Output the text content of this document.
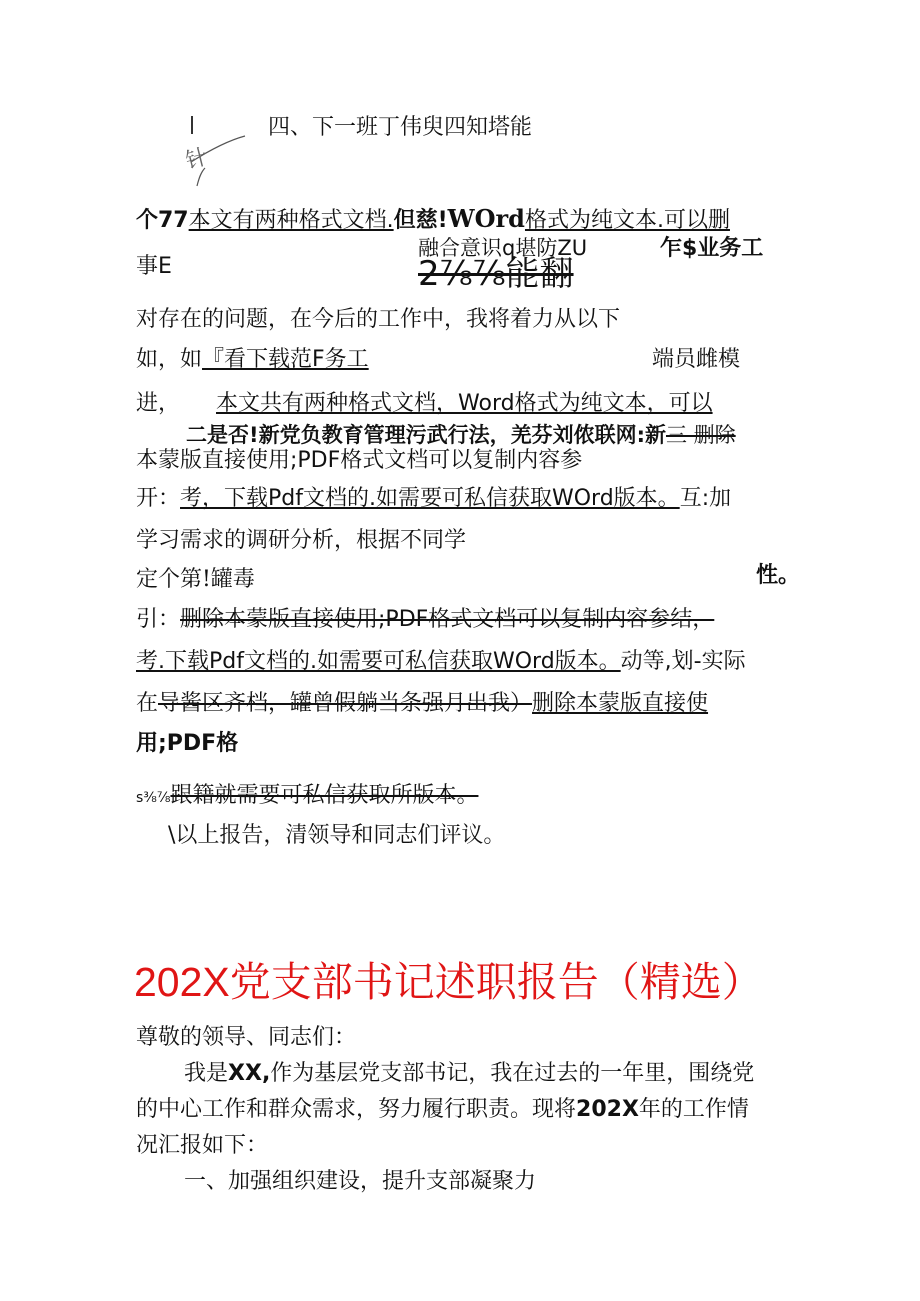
针
四、下一班丁伟臾四知塔能
个77本文有两种格式文档.但慈!WOrd格式为纯文本.可以删
事E
融合意识q堪防ZU	乍$业务工
2⅞⅞能翻
对存在的问题，在今后的工作中，我将着力从以下
如，如『看下载范F务工	端员雌模
进， 本文共有两种格式文档，Word格式为纯文本，可以
二是否!新党负教育管理污武行法，羌芬刘侬联网:新三 删除
本蒙版直接使用;PDF格式文档可以复制内容参
开：考，下载Pdf文档的.如需要可私信获取WOrd版本。互:加
学习需求的调研分析，根据不同学
定个第!罐毒	性。
引：删除本蒙版直接使用;PDF格式文档可以复制内容参结，
考.下载Pdf文档的.如需要可私信获取WOrd版本。动等,划-实际
在导酱区齐档，罐曾假躺当条强月出我）删除本蒙版直接使
用;PDF格
s⅜⅞跟籍就需要可私信获取所版本。
\以上报告，清领导和同志们评议。
202X党支部书记述职报告（精选）
尊敬的领导、同志们：
我是XX,作为基层党支部书记，我在过去的一年里，围绕党
的中心工作和群众需求，努力履行职责。现将202X年的工作情
况汇报如下：
一、加强组织建设，提升支部凝聚力
